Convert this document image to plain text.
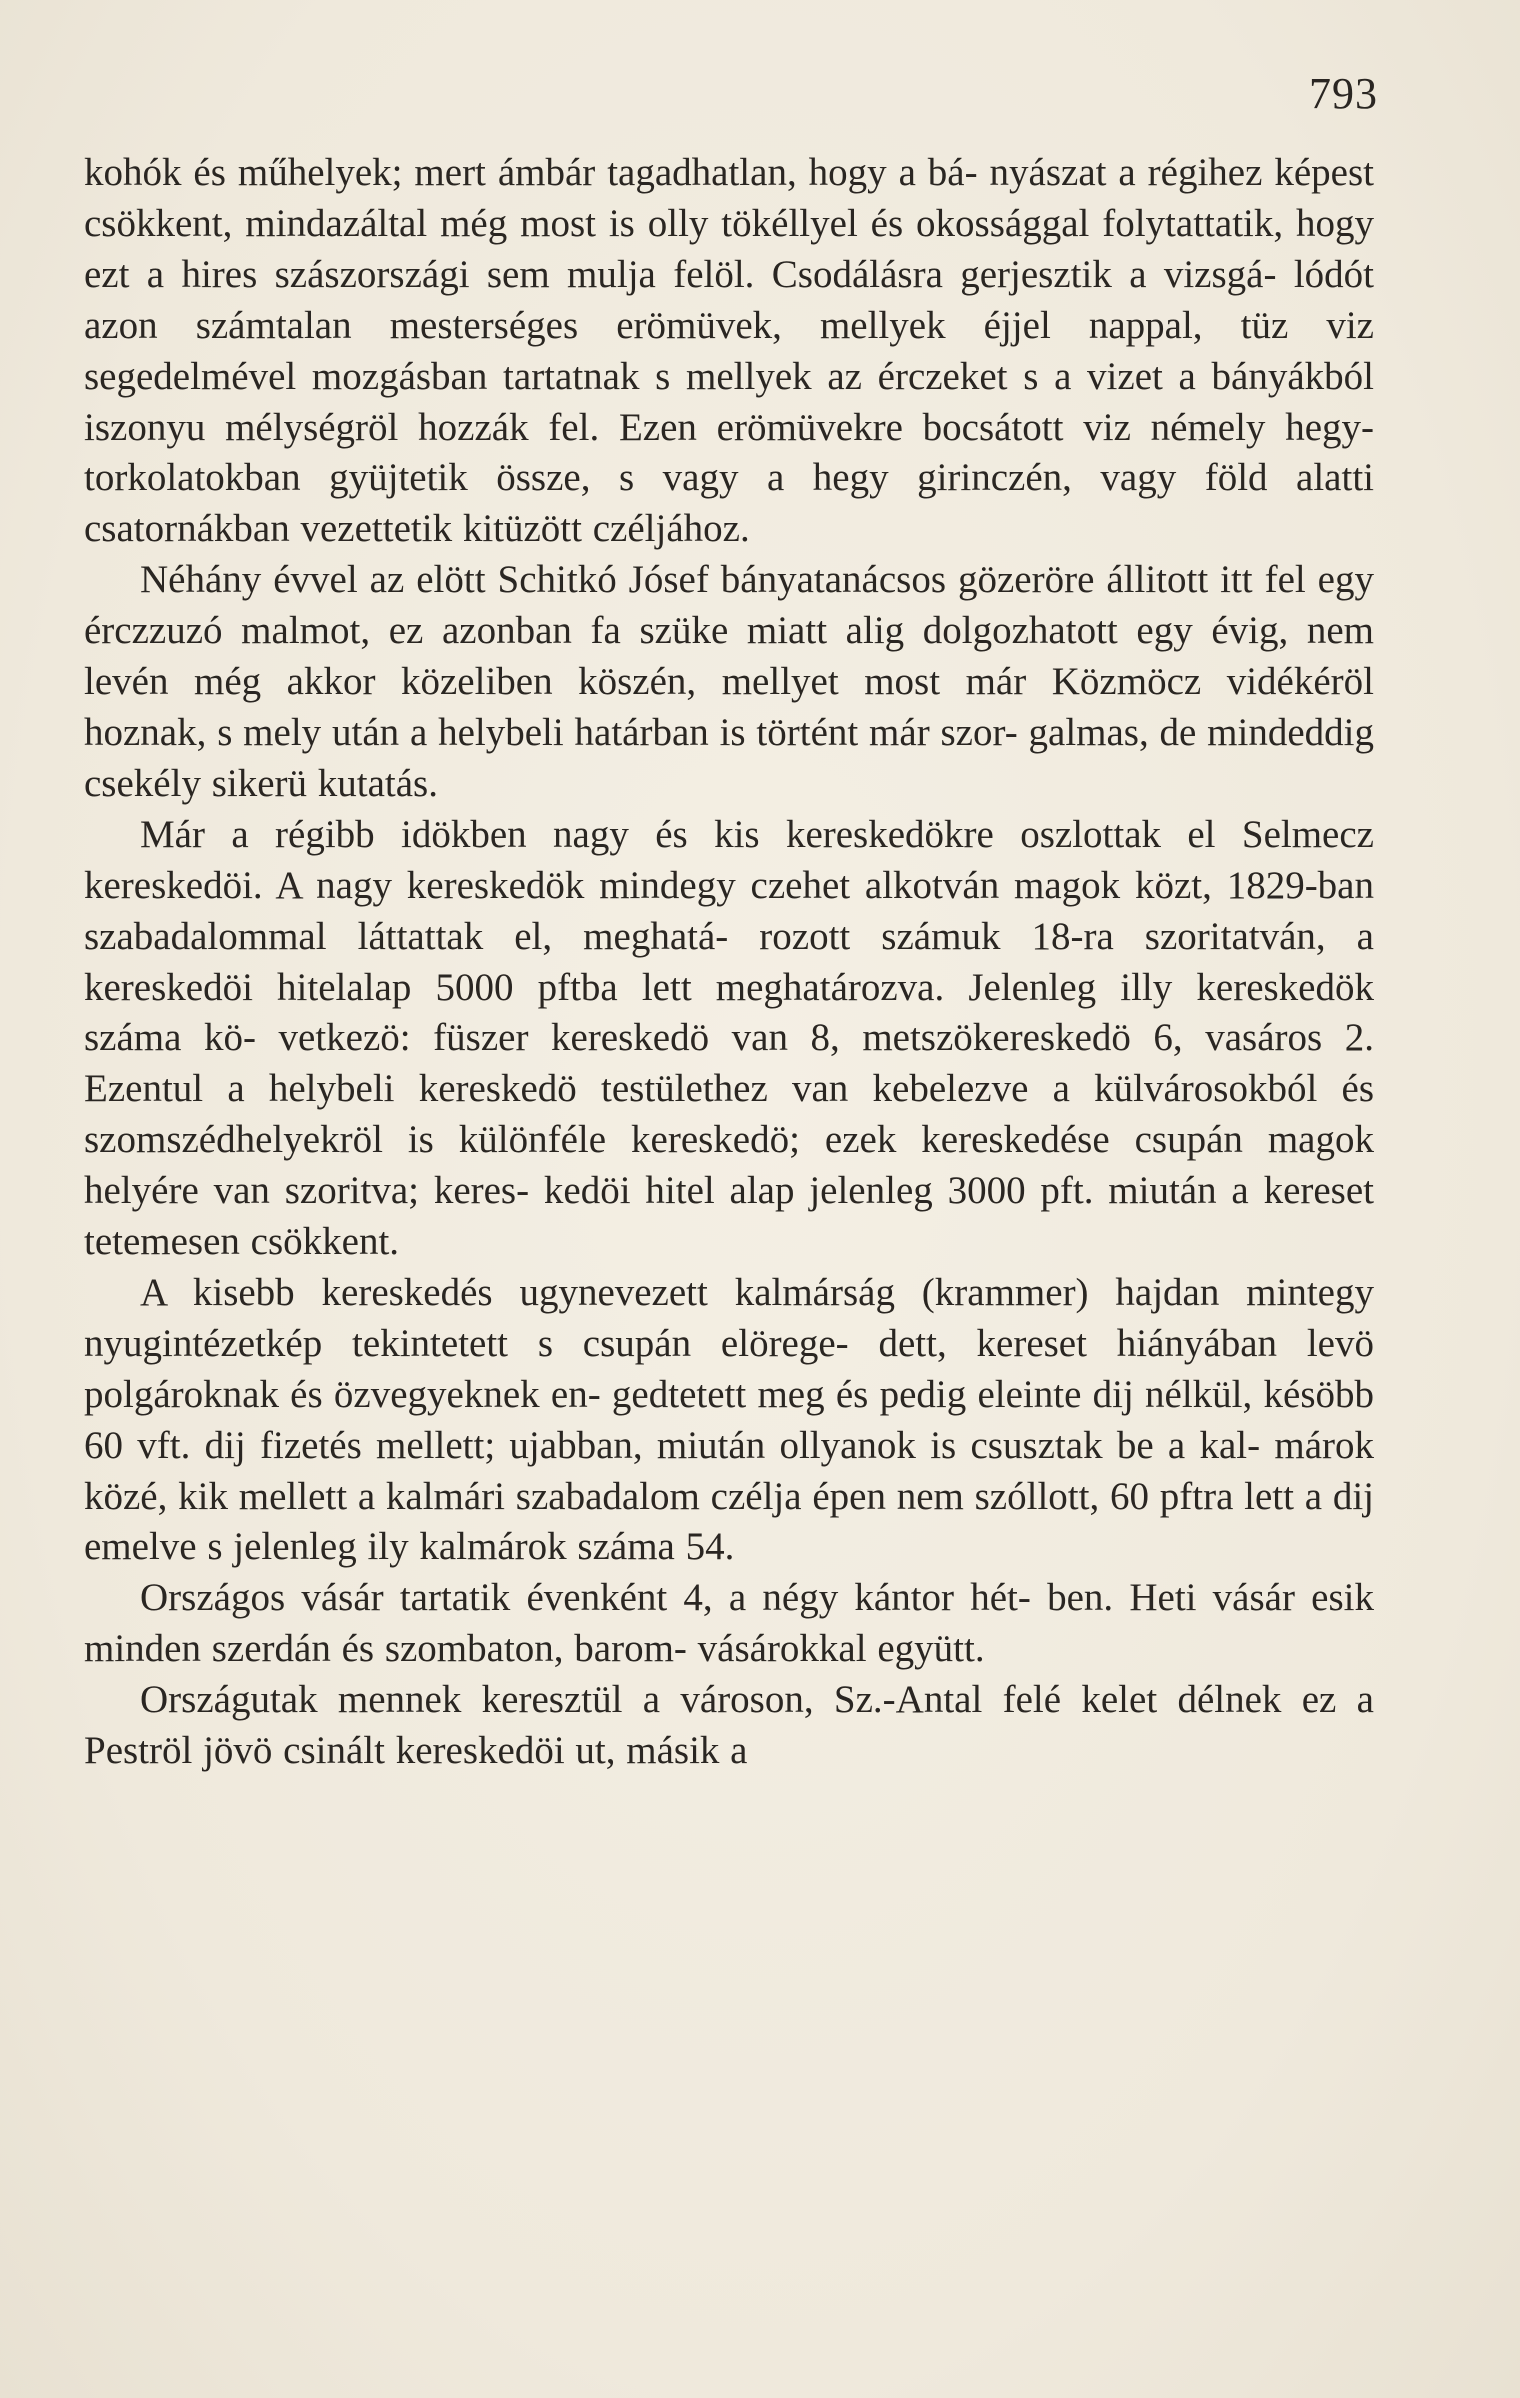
793

kohók és műhelyek; mert ámbár tagadhatlan, hogy a bá- nyászat a régihez képest csökkent, mindazáltal még most is olly tökéllyel és okossággal folytattatik, hogy ezt a hires szászországi sem mulja felöl. Csodálásra gerjesztik a vizsgá- lódót azon számtalan mesterséges erömüvek, mellyek éjjel nappal, tüz viz segedelmével mozgásban tartatnak s mellyek az érczeket s a vizet a bányákból iszonyu mélységröl hozzák fel. Ezen erömüvekre bocsátott viz némely hegy-torkolatokban gyüjtetik össze, s vagy a hegy girinczén, vagy föld alatti csatornákban vezettetik kitüzött czéljához.

Néhány évvel az elött Schitkó Jósef bányatanácsos gözeröre állitott itt fel egy érczzuzó malmot, ez azonban fa szüke miatt alig dolgozhatott egy évig, nem levén még akkor közeliben köszén, mellyet most már Közmöcz vidékéröl hoznak, s mely után a helybeli határban is történt már szor- galmas, de mindeddig csekély sikerü kutatás.

Már a régibb idökben nagy és kis kereskedökre oszlottak el Selmecz kereskedöi. A nagy kereskedök mindegy czehet alkotván magok közt, 1829-ban szabadalommal láttattak el, meghatá- rozott számuk 18-ra szoritatván, a kereskedöi hitelalap 5000 pftba lett meghatározva. Jelenleg illy kereskedök száma kö- vetkezö: füszer kereskedö van 8, metszökereskedö 6, vasáros 2. Ezentul a helybeli kereskedö testülethez van kebelezve a külvárosokból és szomszédhelyekröl is különféle kereskedö; ezek kereskedése csupán magok helyére van szoritva; keres- kedöi hitel alap jelenleg 3000 pft. miután a kereset tetemesen csökkent.

A kisebb kereskedés ugynevezett kalmárság (krammer) hajdan mintegy nyugintézetkép tekintetett s csupán elörege- dett, kereset hiányában levö polgároknak és özvegyeknek en- gedtetett meg és pedig eleinte dij nélkül, késöbb 60 vft. dij fizetés mellett; ujabban, miután ollyanok is csusztak be a kal- márok közé, kik mellett a kalmári szabadalom czélja épen nem szóllott, 60 pftra lett a dij emelve s jelenleg ily kalmárok száma 54.

Országos vásár tartatik évenként 4, a négy kántor hét- ben. Heti vásár esik minden szerdán és szombaton, barom- vásárokkal együtt.

Országutak mennek keresztül a városon, Sz.-Antal felé kelet délnek ez a Peströl jövö csinált kereskedöi ut, másik a
